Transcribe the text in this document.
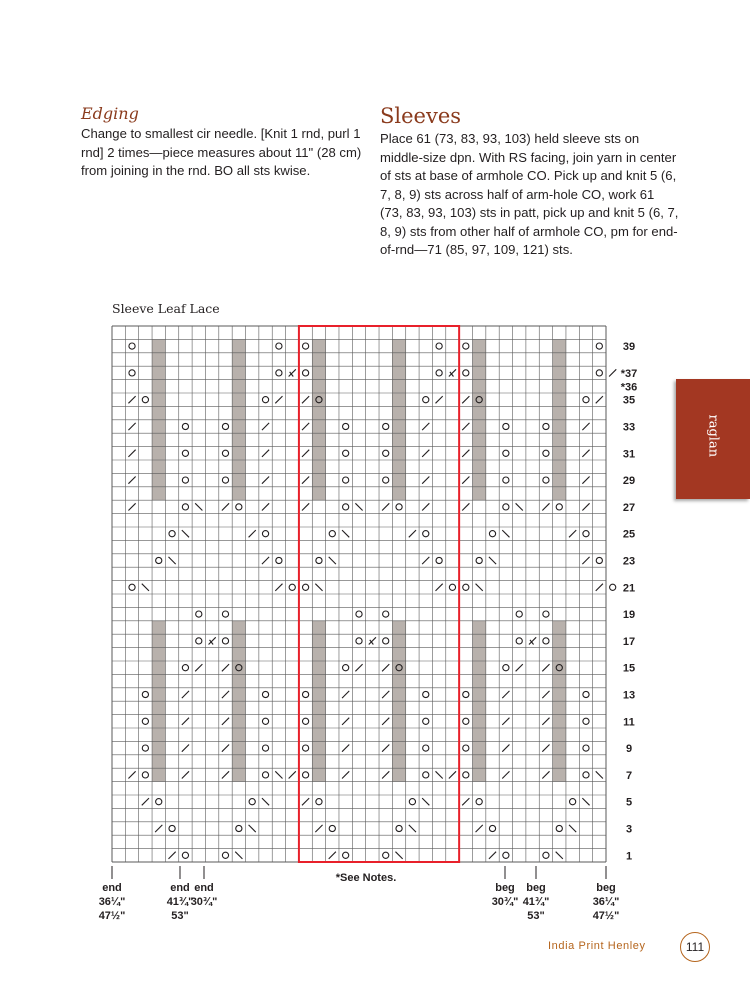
Edging

Change to smallest cir needle. [Knit 1 rnd, purl 1 rnd] 2 times—piece measures about 11" (28 cm) from joining in the rnd. BO all sts kwise.

Sleeves

Place 61 (73, 83, 93, 103) held sleeve sts on middle-size dpn. With RS facing, join yarn in center of sts at base of armhole CO. Pick up and knit 5 (6, 7, 8, 9) sts across half of arm-hole CO, work 61 (73, 83, 93, 103) sts in patt, pick up and knit 5 (6, 7, 8, 9) sts from other half of armhole CO, pm for end-of-rnd—71 (85, 97, 109, 121) sts.

Sleeve Leaf Lace

39
*37
*36
35
33
31
29
27
25
23
21
19
17
15
13
11
9
7
5
3
1
*See Notes.
end
36¼"
47½"
end
41¾"
53"
end
30¾"
beg
30¾"
beg
41¾"
53"
beg
36¼"
47½"
raglan

India Print Henley	111
